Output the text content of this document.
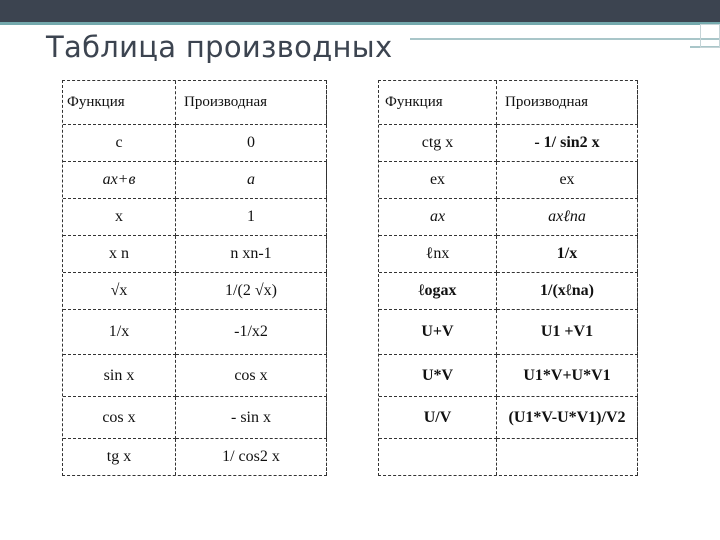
Таблица производных
Функция	Производная
c	0
ax+в	a
x	1
x n	n xn-1
√x	1/(2 √x)
1/x	-1/x2
sin x	cos x
cos x	- sin x
tg x	1/ cos2 x
Функция	Производная
ctg x	- 1/ sin2 x
ex	ex
ax	axℓna
ℓnx	1/x
ℓogax	1/(xℓna)
U+V	U1 +V1
U*V	U1*V+U*V1
U/V	(U1*V-U*V1)/V2
